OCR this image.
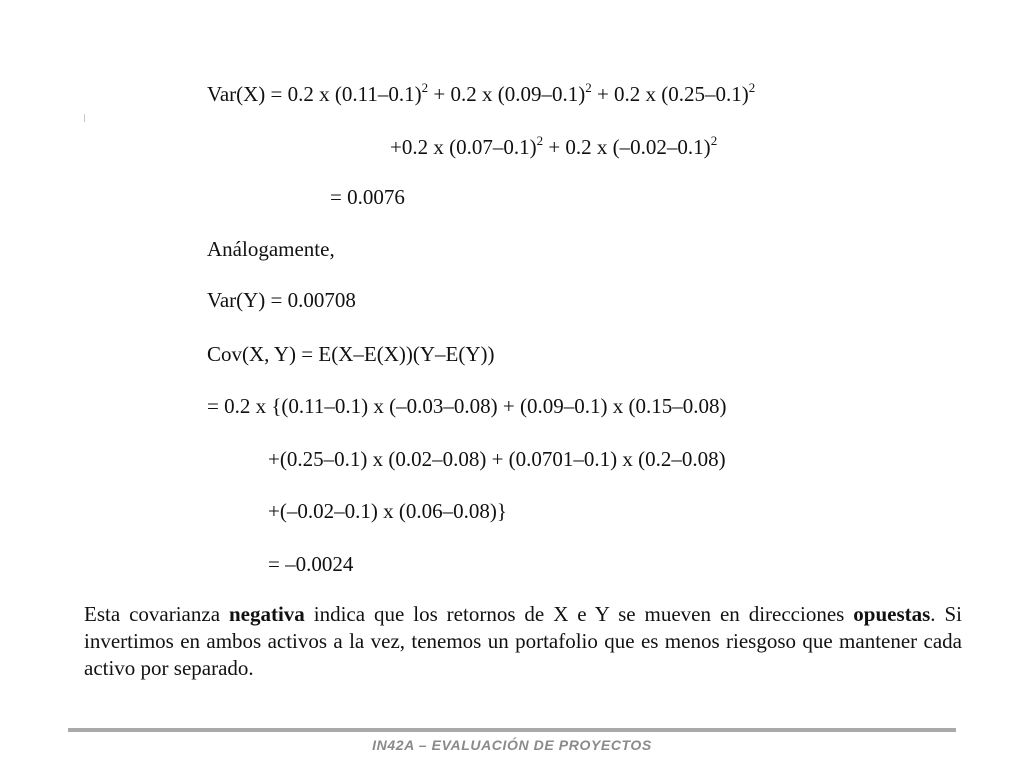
Var(X) = 0.2 x $(0.11-0.1)^2 + 0.2$ x $(0.09-0.1)^2 + 0.2$ x $(0.25-0.1)^2$
+0.2 x $(0.07-0.1)^2 + 0.2$ x $(-0.02-0.1)^2$
= 0.0076
Análogamente,
Var(Y) = 0.00708
Cov(X, Y) = E(X–E(X))(Y–E(Y))
= 0.2 x {(0.11–0.1) x (–0.03–0.08) + (0.09–0.1) x (0.15–0.08)
+(0.25–0.1) x (0.02–0.08) + (0.0701–0.1) x (0.2–0.08)
+(–0.02–0.1) x (0.06–0.08)}
= –0.0024
Esta covarianza negativa indica que los retornos de X e Y se mueven en direcciones opuestas. Si invertimos en ambos activos a la vez, tenemos un portafolio que es menos riesgoso que mantener cada activo por separado.
IN42A – EVALUACIÓN DE PROYECTOS
